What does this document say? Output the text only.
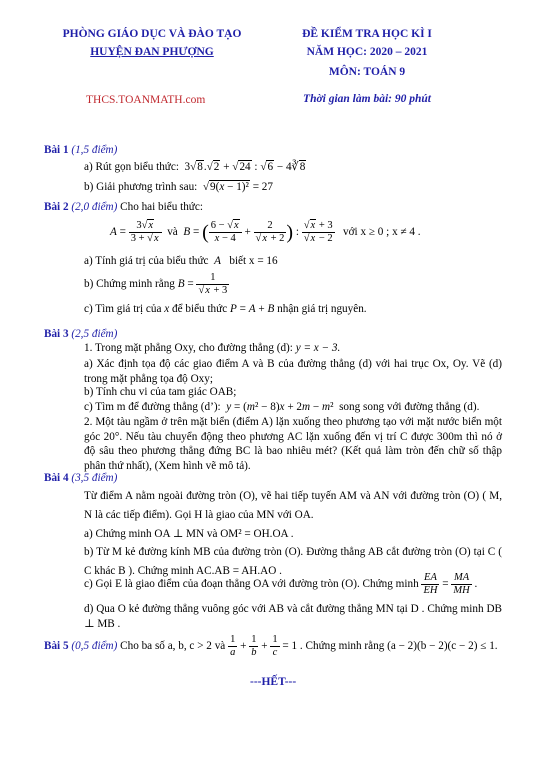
PHÒNG GIÁO DỤC VÀ ĐÀO TẠO
HUYỆN ĐAN PHƯỢNG
ĐỀ KIỂM TRA HỌC KÌ I
NĂM HỌC: 2020 – 2021
MÔN: TOÁN 9
THCS.TOANMATH.com	Thời gian làm bài: 90 phút
Bài 1 (1,5 điểm)
a) Rút gọn biểu thức:  3√8.√2 + √24 : √6 − 4∛8
b) Giải phương trình sau:  √9(x − 1)² = 27
Bài 2 (2,0 điểm) Cho hai biểu thức:
$A = \frac{3√x}{3 + √x}$ và B = ( $\frac{6 - √x}{x - 4} + \frac{2}{√x + 2}$ ) : $\frac{√x + 3}{√x - 2}$ với x ≥ 0 ; x ≠ 4 .
a) Tính giá trị của biểu thức  A   biết x = 16
b) Chứng minh rằng $B = \frac{1}{√x + 3}$
c) Tìm giá trị của x để biểu thức P = A + B nhận giá trị nguyên.
Bài 3 (2,5 điểm)
1. Trong mặt phẳng Oxy, cho đường thẳng (d): y = x − 3.
a) Xác định tọa độ các giao điểm A và B của đường thẳng (d) với hai trục Ox, Oy. Vẽ (d) trong mặt phẳng tọa độ Oxy;
b) Tính chu vi của tam giác OAB;
c) Tìm m để đường thẳng (d’):  y = (m² − 8)x + 2m − m²  song song với đường thẳng (d).
2. Một tàu ngầm ở trên mặt biển (điểm A) lặn xuống theo phương tạo với mặt nước biển một góc 20°. Nếu tàu chuyển động theo phương AC lặn xuống đến vị trí C được 300m thì nó ở độ sâu theo phương thẳng đứng BC là bao nhiêu mét? (Kết quả làm tròn đến chữ số thập phân thứ nhất), (Xem hình vẽ mô tả).
Bài 4 (3,5 điểm)
Từ điểm A nằm ngoài đường tròn (O), vẽ hai tiếp tuyến AM và AN với đường tròn (O) ( M, N là các tiếp điểm). Gọi H là giao của MN với OA.
a) Chứng minh OA ⊥ MN và OM² = OH.OA .
b) Từ M kẻ đường kính MB của đường tròn (O). Đường thẳng AB cắt đường tròn (O) tại C ( C khác B ). Chứng minh AC.AB = AH.AO .
c) Gọi E là giao điểm của đoạn thẳng OA với đường tròn (O). Chứng minh $\frac{EA}{EH} = \frac{MA}{MH}$ .
d) Qua O kẻ đường thẳng vuông góc với AB và cắt đường thẳng MN tại D . Chứng minh DB ⊥ MB .
Bài 5 (0,5 điểm) Cho ba số a, b, c > 2 và $\frac{1}{a} + \frac{1}{b} + \frac{1}{c} = 1$ . Chứng minh rằng (a − 2)(b − 2)(c − 2) ≤ 1.
---HẾT---
